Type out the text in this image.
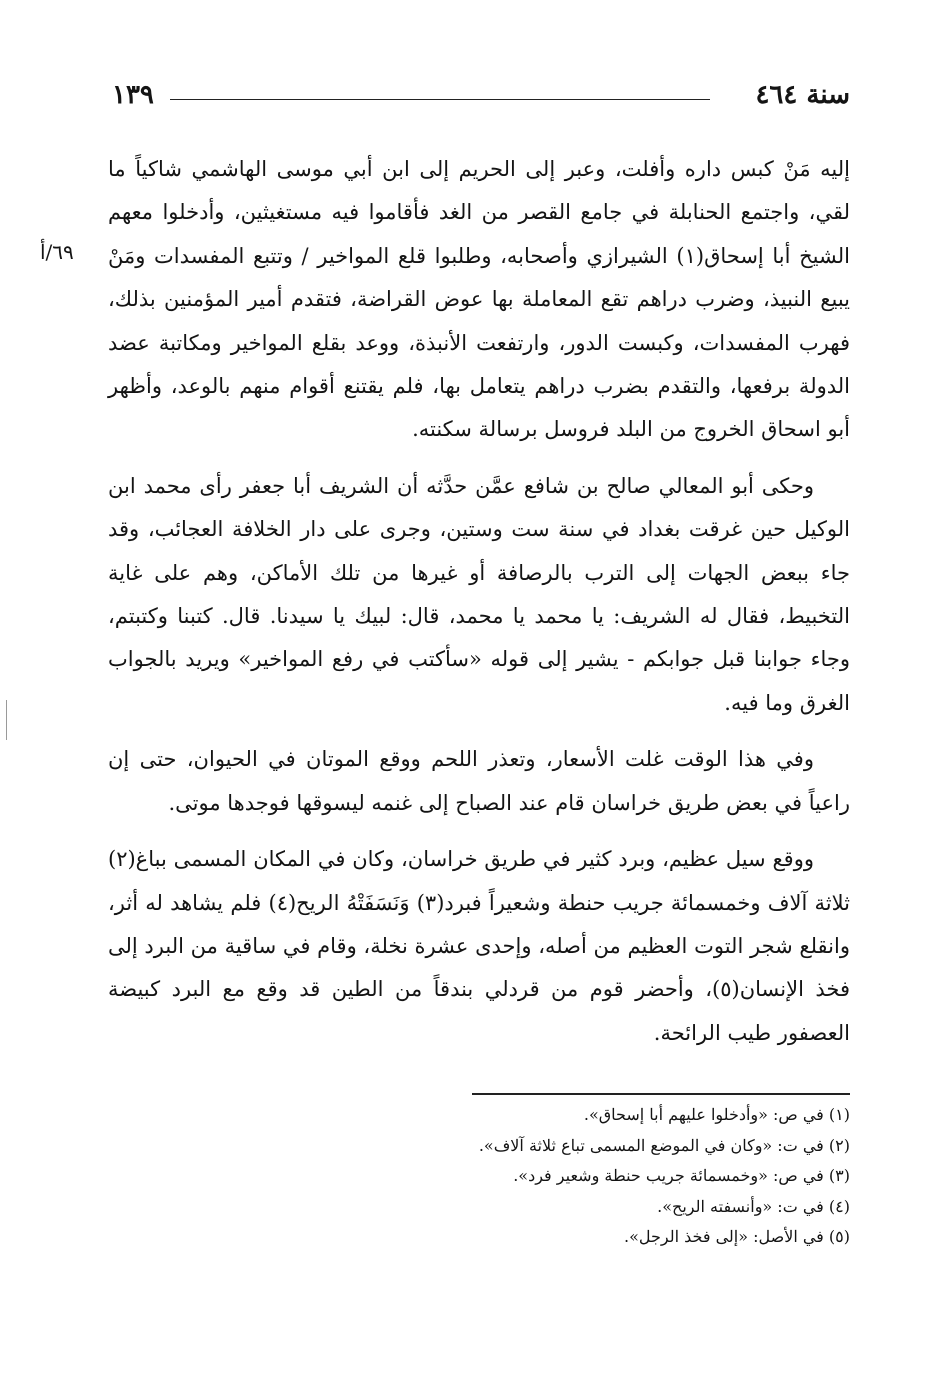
سنة ٤٦٤
١٣٩
٦٩/أ

إليه مَنْ كبس داره وأفلت، وعبر إلى الحريم إلى ابن أبي موسى الهاشمي شاكياً ما لقي، واجتمع الحنابلة في جامع القصر من الغد فأقاموا فيه مستغيثين، وأدخلوا معهم الشيخ أبا إسحاق(١) الشيرازي وأصحابه، وطلبوا قلع المواخير / وتتبع المفسدات ومَنْ يبيع النبيذ، وضرب دراهم تقع المعاملة بها عوض القراضة، فتقدم أمير المؤمنين بذلك، فهرب المفسدات، وكبست الدور، وارتفعت الأنبذة، ووعد بقلع المواخير ومكاتبة عضد الدولة برفعها، والتقدم بضرب دراهم يتعامل بها، فلم يقتنع أقوام منهم بالوعد، وأظهر أبو اسحاق الخروج من البلد فروسل برسالة سكنته.

وحكى أبو المعالي صالح بن شافع عمَّن حدَّثه أن الشريف أبا جعفر رأى محمد ابن الوكيل حين غرقت بغداد في سنة ست وستين، وجرى على دار الخلافة العجائب، وقد جاء ببعض الجهات إلى الترب بالرصافة أو غيرها من تلك الأماكن، وهم على غاية التخبيط، فقال له الشريف: يا محمد يا محمد، قال: لبيك يا سيدنا. قال. كتبنا وكتبتم، وجاء جوابنا قبل جوابكم - يشير إلى قوله «سأكتب في رفع المواخير» ويريد بالجواب الغرق وما فيه.

وفي هذا الوقت غلت الأسعار، وتعذر اللحم ووقع الموتان في الحيوان، حتى إن راعياً في بعض طريق خراسان قام عند الصباح إلى غنمه ليسوقها فوجدها موتى.

ووقع سيل عظيم، وبرد كثير في طريق خراسان، وكان في المكان المسمى بباغ(٢) ثلاثة آلاف وخمسمائة جريب حنطة وشعيراً فبرد(٣) وَنَسَفَتْهُ الريح(٤) فلم يشاهد له أثر، وانقلع شجر التوت العظيم من أصله، وإحدى عشرة نخلة، وقام في ساقية من البرد إلى فخذ الإنسان(٥)، وأحضر قوم من قردلي بندقاً من الطين قد وقع مع البرد كبيضة العصفور طيب الرائحة.

(١) في ص: «وأدخلوا عليهم أبا إسحاق».
(٢) في ت: «وكان في الموضع المسمى تباع ثلاثة آلاف».
(٣) في ص: «وخمسمائة جريب حنطة وشعير فرد».
(٤) في ت: «وأنسفته الريح».
(٥) في الأصل: «إلى فخذ الرجل».
